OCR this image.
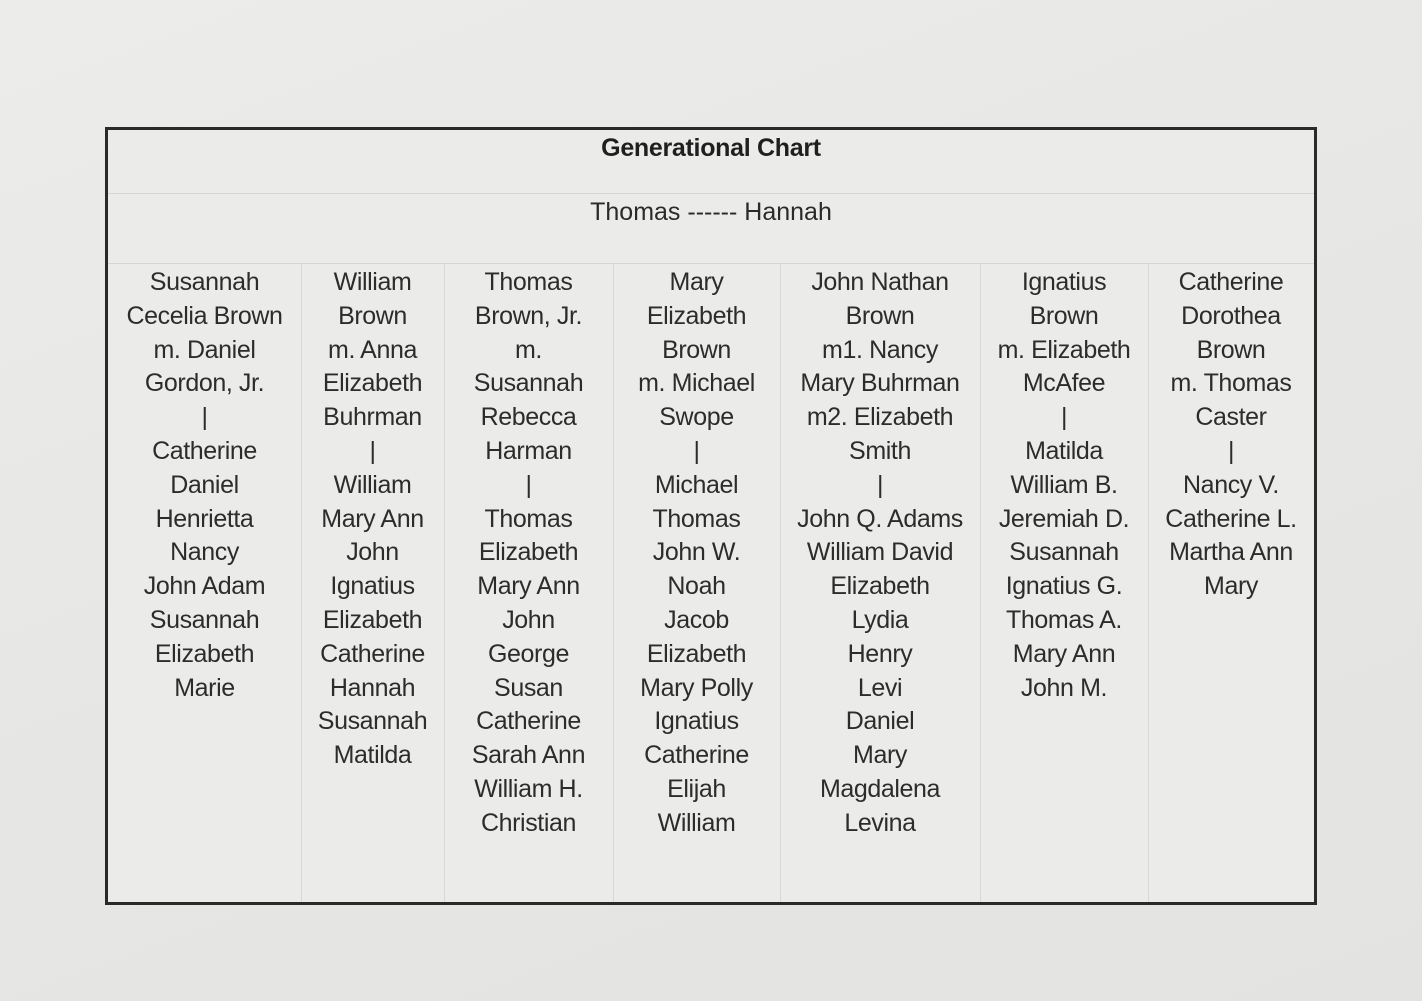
Generational Chart
Thomas ------ Hannah
Susannah
Cecelia Brown
m. Daniel
Gordon, Jr.
|
Catherine
Daniel
Henrietta
Nancy
John Adam
Susannah
Elizabeth
Marie
William
Brown
m. Anna
Elizabeth
Buhrman
|
William
Mary Ann
John
Ignatius
Elizabeth
Catherine
Hannah
Susannah
Matilda
Thomas
Brown, Jr.
m.
Susannah
Rebecca
Harman
|
Thomas
Elizabeth
Mary Ann
John
George
Susan
Catherine
Sarah Ann
William H.
Christian
Mary
Elizabeth
Brown
m. Michael
Swope
|
Michael
Thomas
John W.
Noah
Jacob
Elizabeth
Mary Polly
Ignatius
Catherine
Elijah
William
John Nathan
Brown
m1. Nancy
Mary Buhrman
m2. Elizabeth
Smith
|
John Q. Adams
William David
Elizabeth
Lydia
Henry
Levi
Daniel
Mary
Magdalena
Levina
Ignatius
Brown
m. Elizabeth
McAfee
|
Matilda
William B.
Jeremiah D.
Susannah
Ignatius G.
Thomas A.
Mary Ann
John M.
Catherine
Dorothea
Brown
m. Thomas
Caster
|
Nancy V.
Catherine L.
Martha Ann
Mary
